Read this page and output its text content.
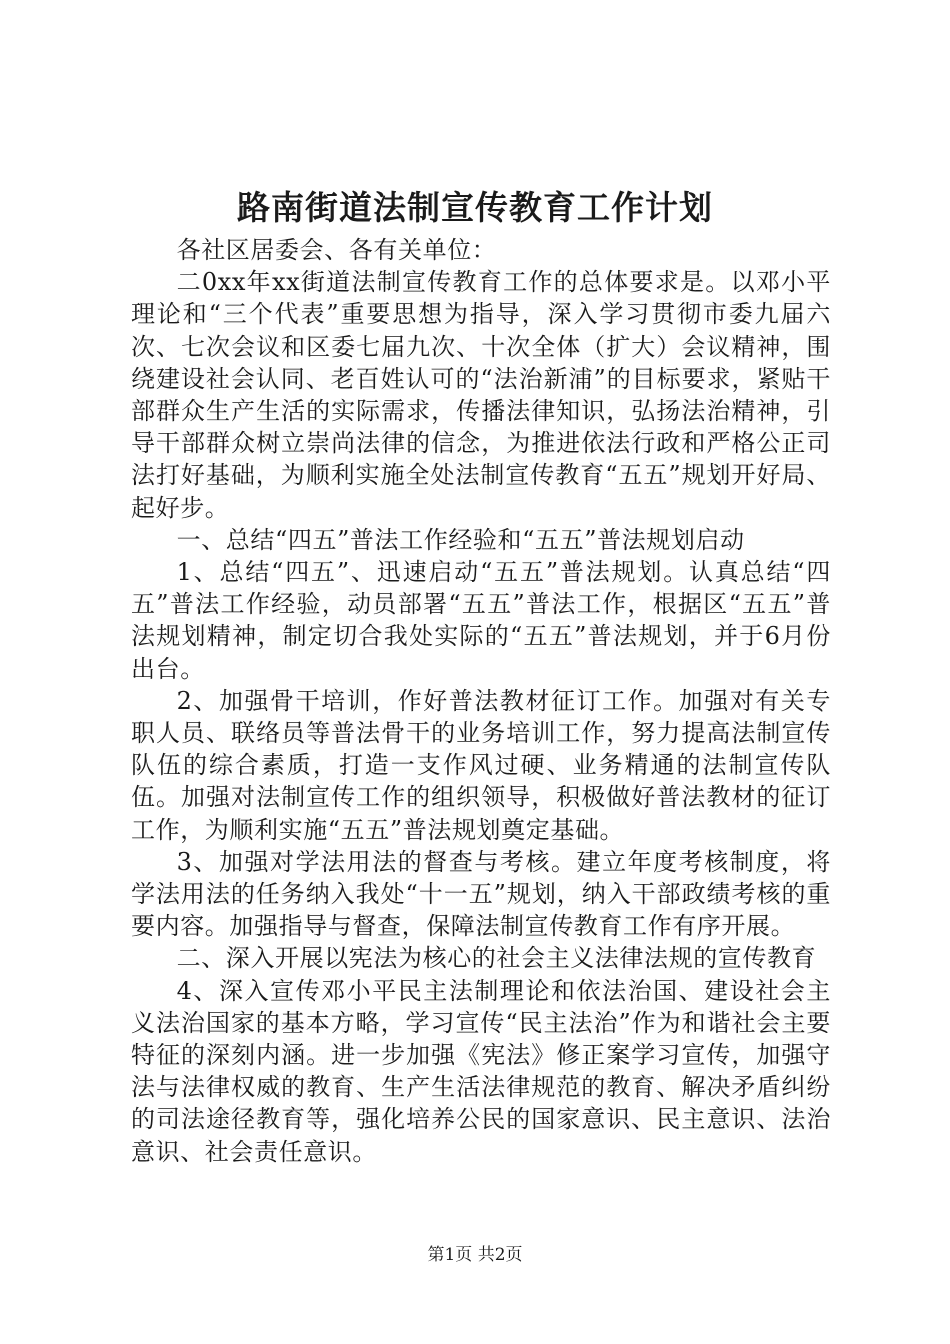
路南街道法制宣传教育工作计划

各社区居委会、各有关单位：

二0xx年xx街道法制宣传教育工作的总体要求是。以邓小平理论和“三个代表”重要思想为指导，深入学习贯彻市委九届六次、七次会议和区委七届九次、十次全体（扩大）会议精神，围绕建设社会认同、老百姓认可的“法治新浦”的目标要求，紧贴干部群众生产生活的实际需求，传播法律知识，弘扬法治精神，引导干部群众树立崇尚法律的信念，为推进依法行政和严格公正司法打好基础，为顺利实施全处法制宣传教育“五五”规划开好局、起好步。

一、总结“四五”普法工作经验和“五五”普法规划启动

1、总结“四五”、迅速启动“五五”普法规划。认真总结“四五”普法工作经验，动员部署“五五”普法工作，根据区“五五”普法规划精神，制定切合我处实际的“五五”普法规划，并于6月份出台。

2、加强骨干培训，作好普法教材征订工作。加强对有关专职人员、联络员等普法骨干的业务培训工作，努力提高法制宣传队伍的综合素质，打造一支作风过硬、业务精通的法制宣传队伍。加强对法制宣传工作的组织领导，积极做好普法教材的征订工作，为顺利实施“五五”普法规划奠定基础。

3、加强对学法用法的督查与考核。建立年度考核制度，将学法用法的任务纳入我处“十一五”规划，纳入干部政绩考核的重要内容。加强指导与督查，保障法制宣传教育工作有序开展。

二、深入开展以宪法为核心的社会主义法律法规的宣传教育

4、深入宣传邓小平民主法制理论和依法治国、建设社会主义法治国家的基本方略，学习宣传“民主法治”作为和谐社会主要特征的深刻内涵。进一步加强《宪法》修正案学习宣传，加强守法与法律权威的教育、生产生活法律规范的教育、解决矛盾纠纷的司法途径教育等，强化培养公民的国家意识、民主意识、法治意识、社会责任意识。

第1页 共2页
